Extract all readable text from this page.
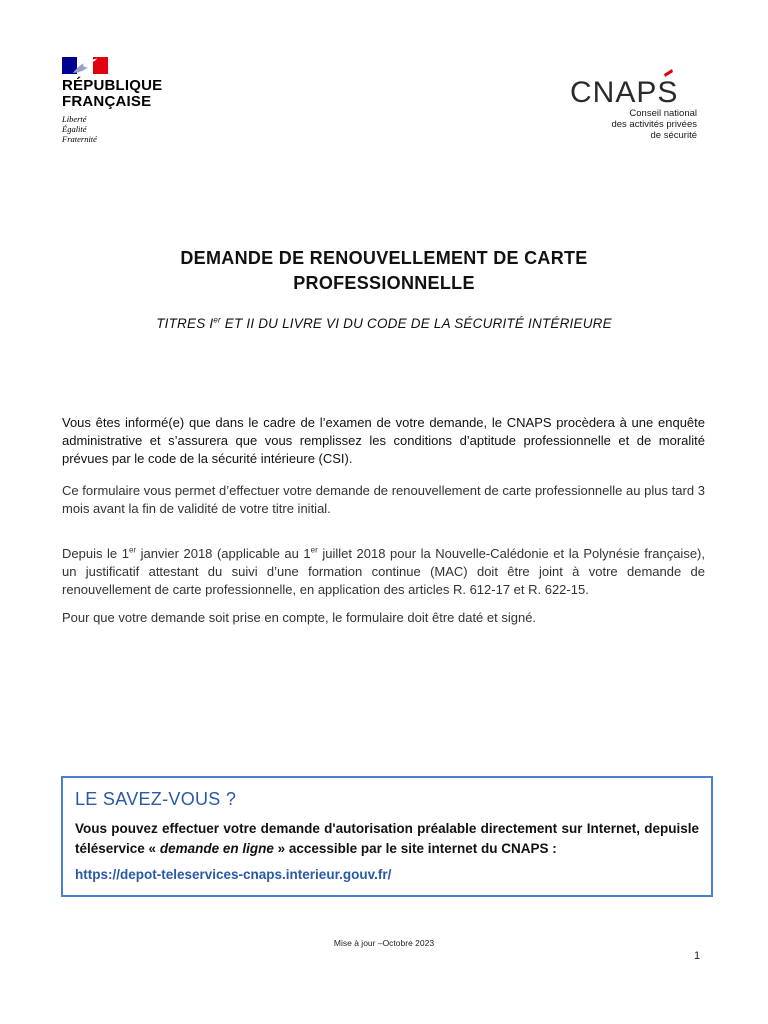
RÉPUBLIQUE
FRANÇAISE
Liberté
Égalité
Fraternité
CNAPS
Conseil national
des activités privées
de sécurité
DEMANDE DE RENOUVELLEMENT DE CARTE
PROFESSIONNELLE
TITRES Ier ET II DU LIVRE VI DU CODE DE LA SÉCURITÉ INTÉRIEURE
Vous êtes informé(e) que dans le cadre de l’examen de votre demande, le CNAPS procèdera à une enquête administrative et s’assurera que vous remplissez les conditions d’aptitude professionnelle et de moralité prévues par le code de la sécurité intérieure (CSI).
Ce formulaire vous permet d’effectuer votre demande de renouvellement de carte professionnelle au plus tard 3 mois avant la fin de validité de votre titre initial.
Depuis le 1er janvier 2018 (applicable au 1er juillet 2018 pour la Nouvelle-Calédonie et la Polynésie française), un justificatif attestant du suivi d’une formation continue (MAC) doit être joint à votre demande de renouvellement de carte professionnelle, en application des articles R. 612-17 et R. 622-15.
Pour que votre demande soit prise en compte, le formulaire doit être daté et signé.
LE SAVEZ-VOUS ?
Vous pouvez effectuer votre demande d'autorisation préalable directement sur Internet, depuisle téléservice « demande en ligne » accessible par le site internet du CNAPS :
https://depot-teleservices-cnaps.interieur.gouv.fr/
Mise à jour –Octobre 2023
1
